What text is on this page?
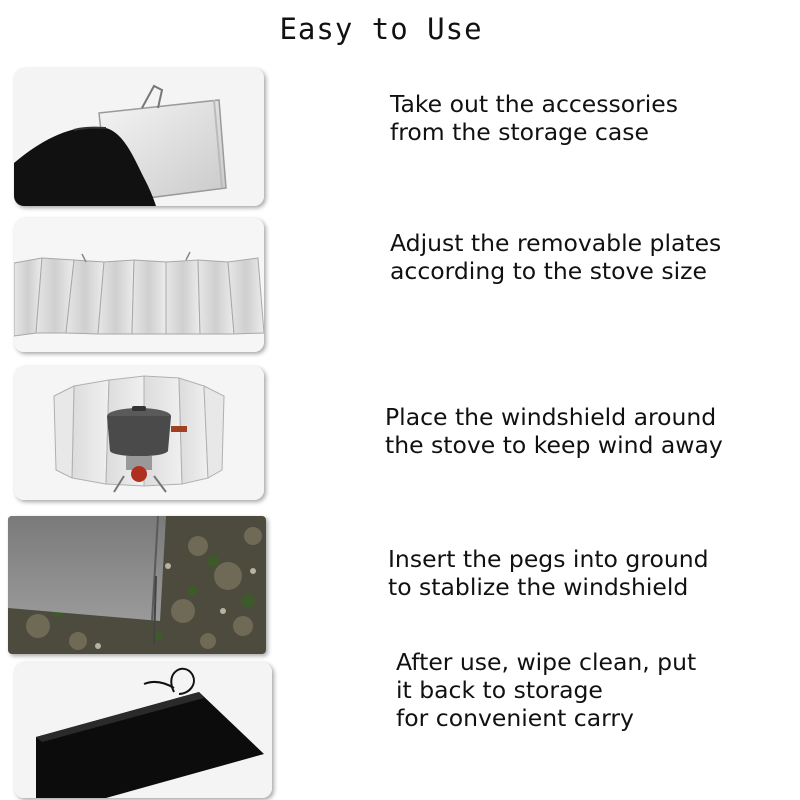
Easy to Use
Take out the accessories
from the storage case
Adjust the removable plates
according to the stove size
Place the windshield around
the stove to keep wind away
Insert the pegs into ground
to stablize the windshield
After use, wipe clean, put
it back to storage
for convenient carry
